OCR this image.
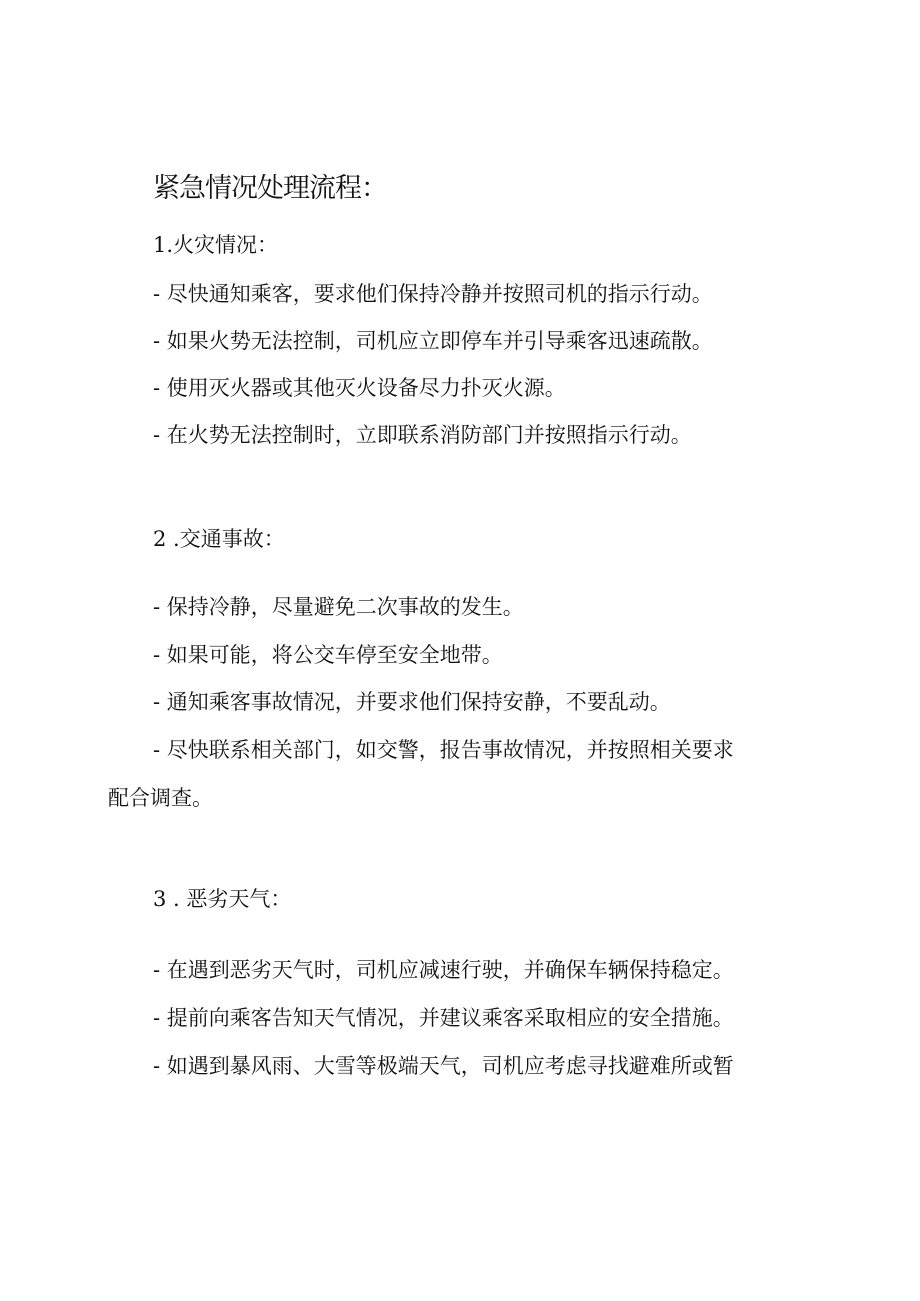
紧急情况处理流程：
1.火灾情况：
- 尽快通知乘客，要求他们保持冷静并按照司机的指示行动。
- 如果火势无法控制，司机应立即停车并引导乘客迅速疏散。
- 使用灭火器或其他灭火设备尽力扑灭火源。
- 在火势无法控制时，立即联系消防部门并按照指示行动。
2 .交通事故：
- 保持冷静，尽量避免二次事故的发生。
- 如果可能，将公交车停至安全地带。
- 通知乘客事故情况，并要求他们保持安静，不要乱动。
- 尽快联系相关部门，如交警，报告事故情况，并按照相关要求
配合调查。
3 . 恶劣天气：
- 在遇到恶劣天气时，司机应减速行驶，并确保车辆保持稳定。
- 提前向乘客告知天气情况，并建议乘客采取相应的安全措施。
- 如遇到暴风雨、大雪等极端天气，司机应考虑寻找避难所或暂
